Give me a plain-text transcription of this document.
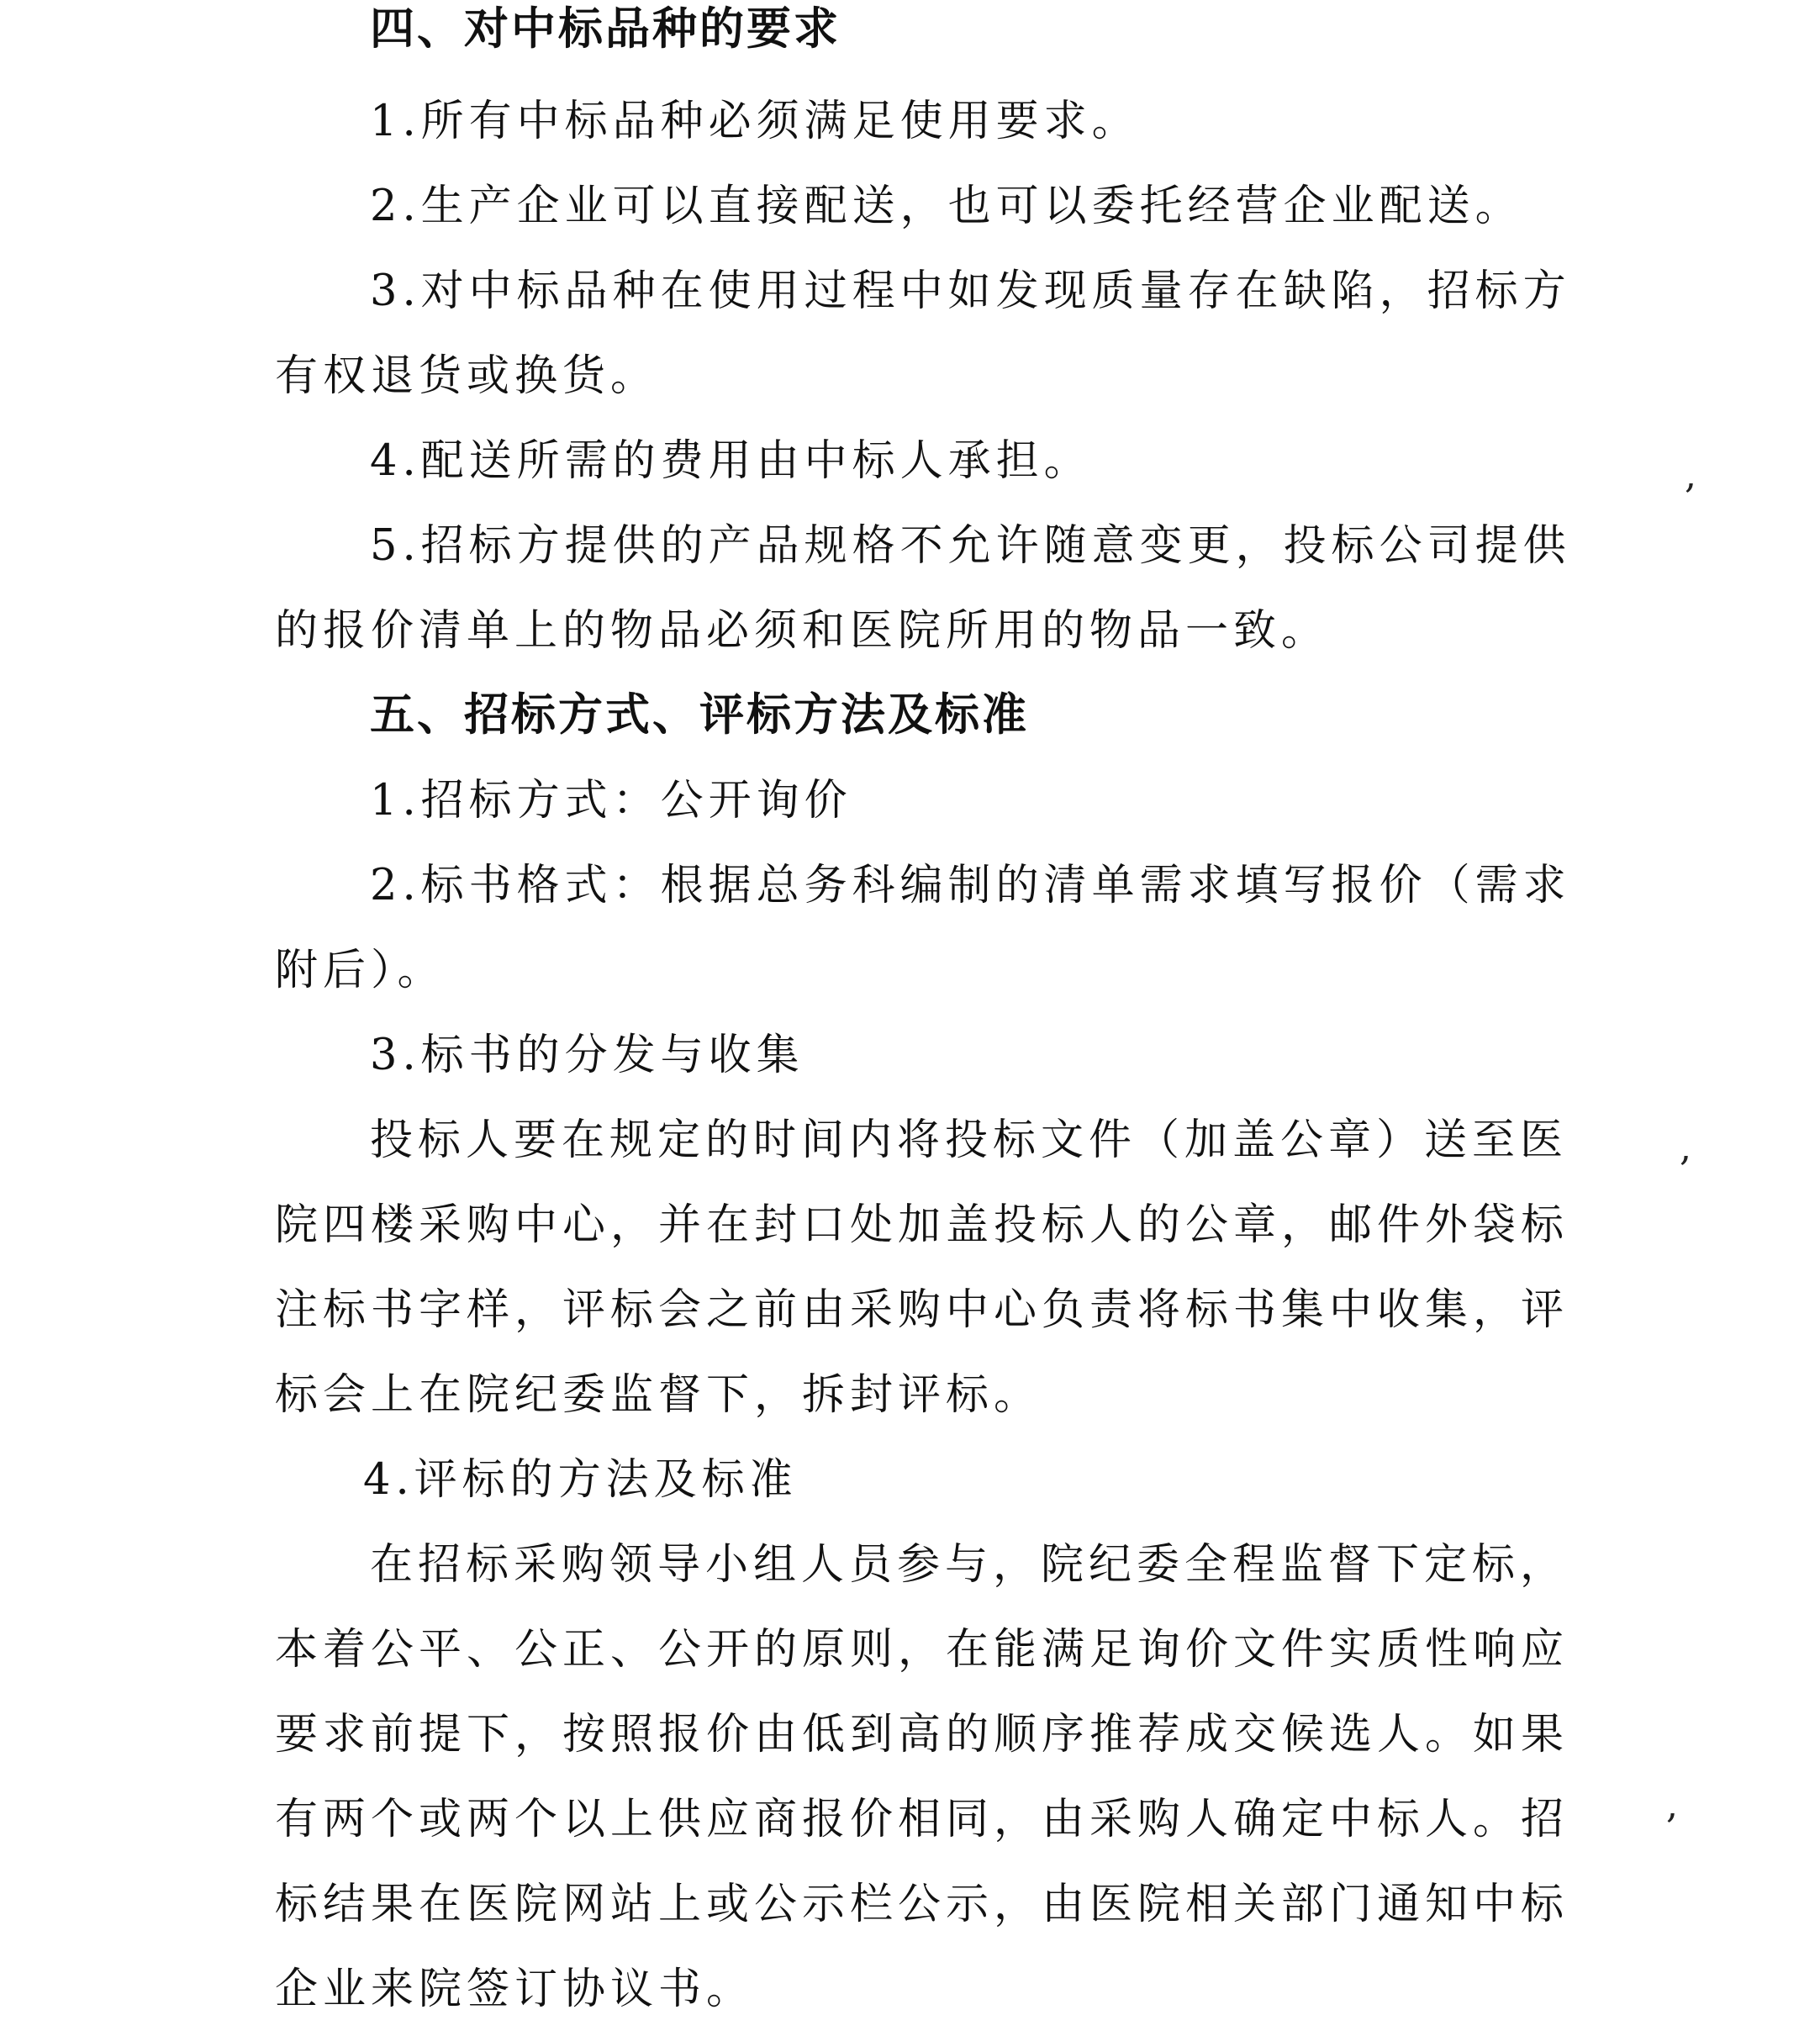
四、对中标品种的要求
1.所有中标品种必须满足使用要求。
2.生产企业可以直接配送，也可以委托经营企业配送。
3.对中标品种在使用过程中如发现质量存在缺陷，招标方
有权退货或换货。
4.配送所需的费用由中标人承担。
5.招标方提供的产品规格不允许随意变更，投标公司提供
的报价清单上的物品必须和医院所用的物品一致。
五、招标方式、评标方法及标准
1.招标方式：公开询价
2.标书格式：根据总务科编制的清单需求填写报价（需求
附后）。
3.标书的分发与收集
投标人要在规定的时间内将投标文件（加盖公章）送至医
院四楼采购中心，并在封口处加盖投标人的公章，邮件外袋标
注标书字样，评标会之前由采购中心负责将标书集中收集，评
标会上在院纪委监督下，拆封评标。
4.评标的方法及标准
在招标采购领导小组人员参与，院纪委全程监督下定标，
本着公平、公正、公开的原则，在能满足询价文件实质性响应
要求前提下，按照报价由低到高的顺序推荐成交候选人。如果
有两个或两个以上供应商报价相同，由采购人确定中标人。招
标结果在医院网站上或公示栏公示，由医院相关部门通知中标
企业来院签订协议书。
,
,
,
